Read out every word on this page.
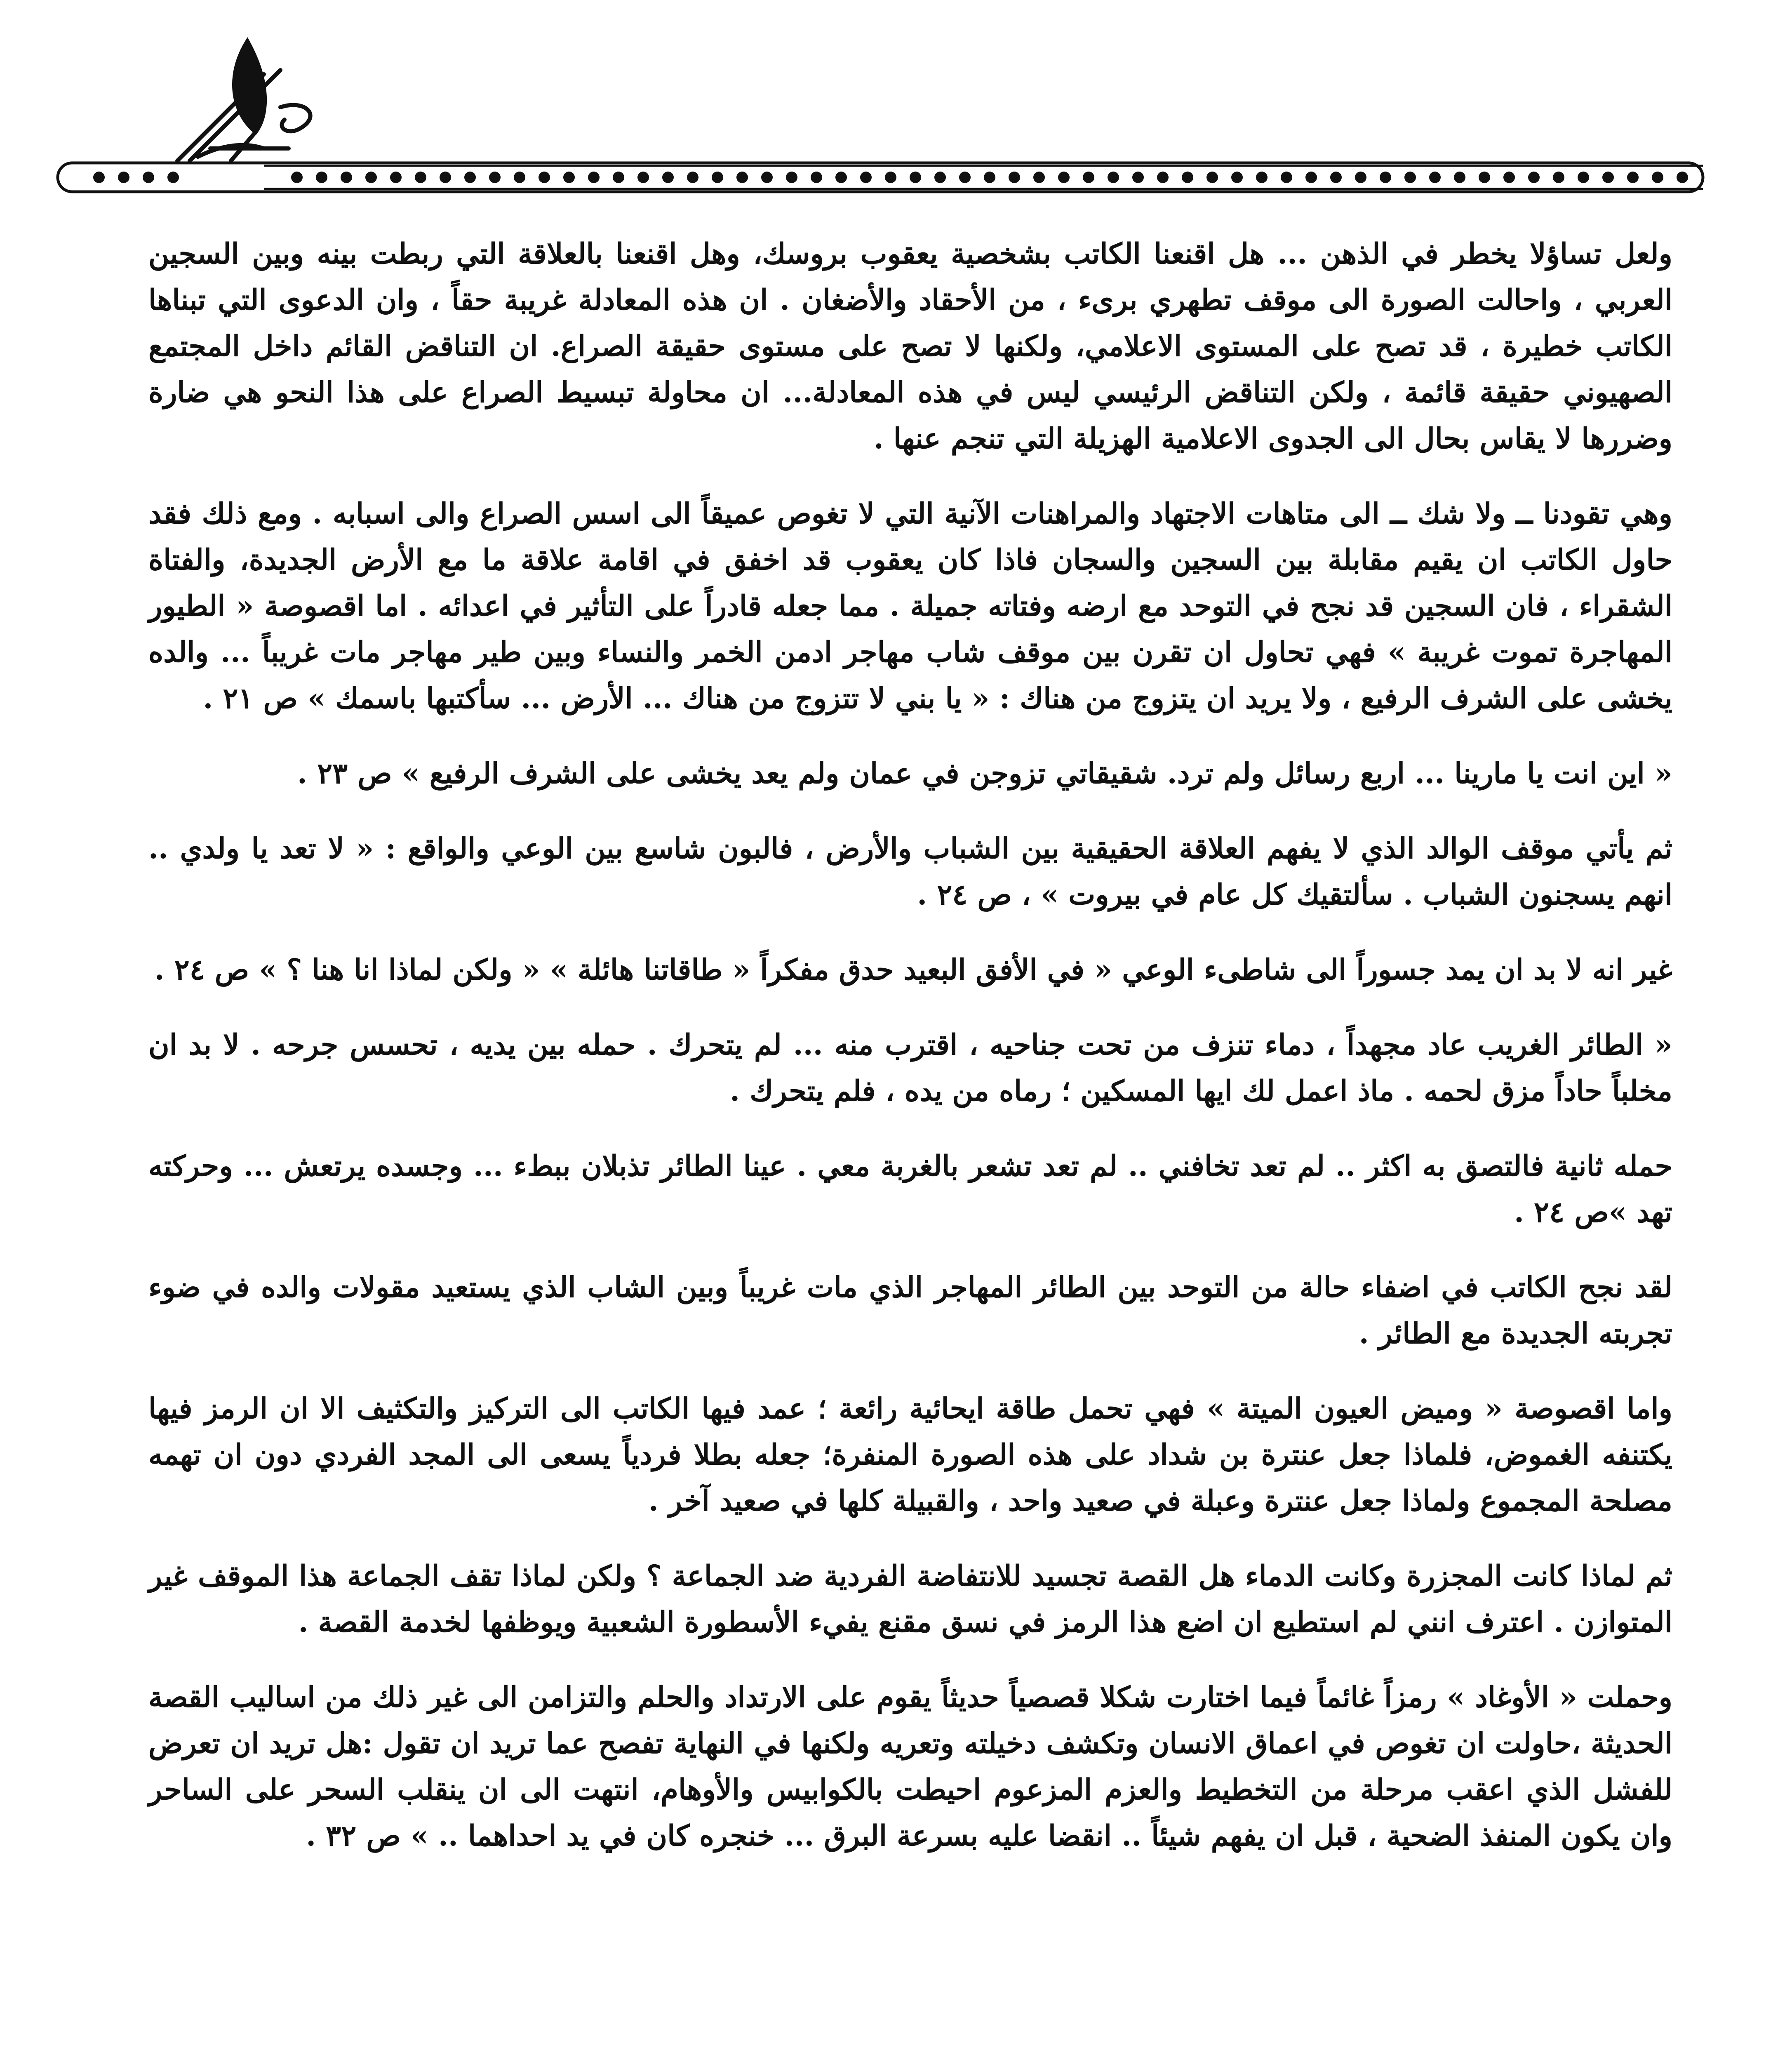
ولعل تساؤلا يخطر في الذهن ... هل اقنعنا الكاتب بشخصية يعقوب بروسك، وهل اقنعنا بالعلاقة التي ربطت بينه وبين السجين العربي ، واحالت الصورة الى موقف تطهري برىء ، من الأحقاد والأضغان . ان هذه المعادلة غريبة حقاً ، وان الدعوى التي تبناها الكاتب خطيرة ، قد تصح على المستوى الاعلامي، ولكنها لا تصح على مستوى حقيقة الصراع. ان التناقض القائم داخل المجتمع الصهيوني حقيقة قائمة ، ولكن التناقض الرئيسي ليس في هذه المعادلة... ان محاولة تبسيط الصراع على هذا النحو هي ضارة وضررها لا يقاس بحال الى الجدوى الاعلامية الهزيلة التي تنجم عنها .

وهي تقودنا ــ ولا شك ــ الى متاهات الاجتهاد والمراهنات الآنية التي لا تغوص عميقاً الى اسس الصراع والى اسبابه . ومع ذلك فقد حاول الكاتب ان يقيم مقابلة بين السجين والسجان فاذا كان يعقوب قد اخفق في اقامة علاقة ما مع الأرض الجديدة، والفتاة الشقراء ، فان السجين قد نجح في التوحد مع ارضه وفتاته جميلة . مما جعله قادراً على التأثير في اعدائه . اما اقصوصة « الطيور المهاجرة تموت غريبة » فهي تحاول ان تقرن بين موقف شاب مهاجر ادمن الخمر والنساء وبين طير مهاجر مات غريباً ... والده يخشى على الشرف الرفيع ، ولا يريد ان يتزوج من هناك : « يا بني لا تتزوج من هناك ... الأرض ... سأكتبها باسمك » ص ٢١ .

« اين انت يا مارينا ... اربع رسائل ولم ترد. شقيقاتي تزوجن في عمان ولم يعد يخشى على الشرف الرفيع » ص ٢٣ .

ثم يأتي موقف الوالد الذي لا يفهم العلاقة الحقيقية بين الشباب والأرض ، فالبون شاسع بين الوعي والواقع : « لا تعد يا ولدي .. انهم يسجنون الشباب . سألتقيك كل عام في بيروت » ، ص ٢٤ .

غير انه لا بد ان يمد جسوراً الى شاطىء الوعي « في الأفق البعيد حدق مفكراً « طاقاتنا هائلة » « ولكن لماذا انا هنا ؟ » ص ٢٤ .

« الطائر الغريب عاد مجهداً ، دماء تنزف من تحت جناحيه ، اقترب منه ... لم يتحرك . حمله بين يديه ، تحسس جرحه . لا بد ان مخلباً حاداً مزق لحمه . ماذ اعمل لك ايها المسكين ؛ رماه من يده ، فلم يتحرك .

حمله ثانية فالتصق به اكثر .. لم تعد تخافني .. لم تعد تشعر بالغربة معي . عينا الطائر تذبلان ببطء ... وجسده يرتعش ... وحركته تهد »ص ٢٤ .

لقد نجح الكاتب في اضفاء حالة من التوحد بين الطائر المهاجر الذي مات غريباً وبين الشاب الذي يستعيد مقولات والده في ضوء تجربته الجديدة مع الطائر .

واما اقصوصة « وميض العيون الميتة » فهي تحمل طاقة ايحائية رائعة ؛ عمد فيها الكاتب الى التركيز والتكثيف الا ان الرمز فيها يكتنفه الغموض، فلماذا جعل عنترة بن شداد على هذه الصورة المنفرة؛ جعله بطلا فردياً يسعى الى المجد الفردي دون ان تهمه مصلحة المجموع ولماذا جعل عنترة وعبلة في صعيد واحد ، والقبيلة كلها في صعيد آخر .

ثم لماذا كانت المجزرة وكانت الدماء هل القصة تجسيد للانتفاضة الفردية ضد الجماعة ؟ ولكن لماذا تقف الجماعة هذا الموقف غير المتوازن . اعترف انني لم استطيع ان اضع هذا الرمز في نسق مقنع يفيء الأسطورة الشعبية ويوظفها لخدمة القصة .

وحملت « الأوغاد » رمزاً غائماً فيما اختارت شكلا قصصياً حديثاً يقوم على الارتداد والحلم والتزامن الى غير ذلك من اساليب القصة الحديثة ،حاولت ان تغوص في اعماق الانسان وتكشف دخيلته وتعريه ولكنها في النهاية تفصح عما تريد ان تقول :هل تريد ان تعرض للفشل الذي اعقب مرحلة من التخطيط والعزم المزعوم احيطت بالكوابيس والأوهام، انتهت الى ان ينقلب السحر على الساحر وان يكون المنفذ الضحية ، قبل ان يفهم شيئاً .. انقضا عليه بسرعة البرق ... خنجره كان في يد احداهما .. » ص ٣٢ .
